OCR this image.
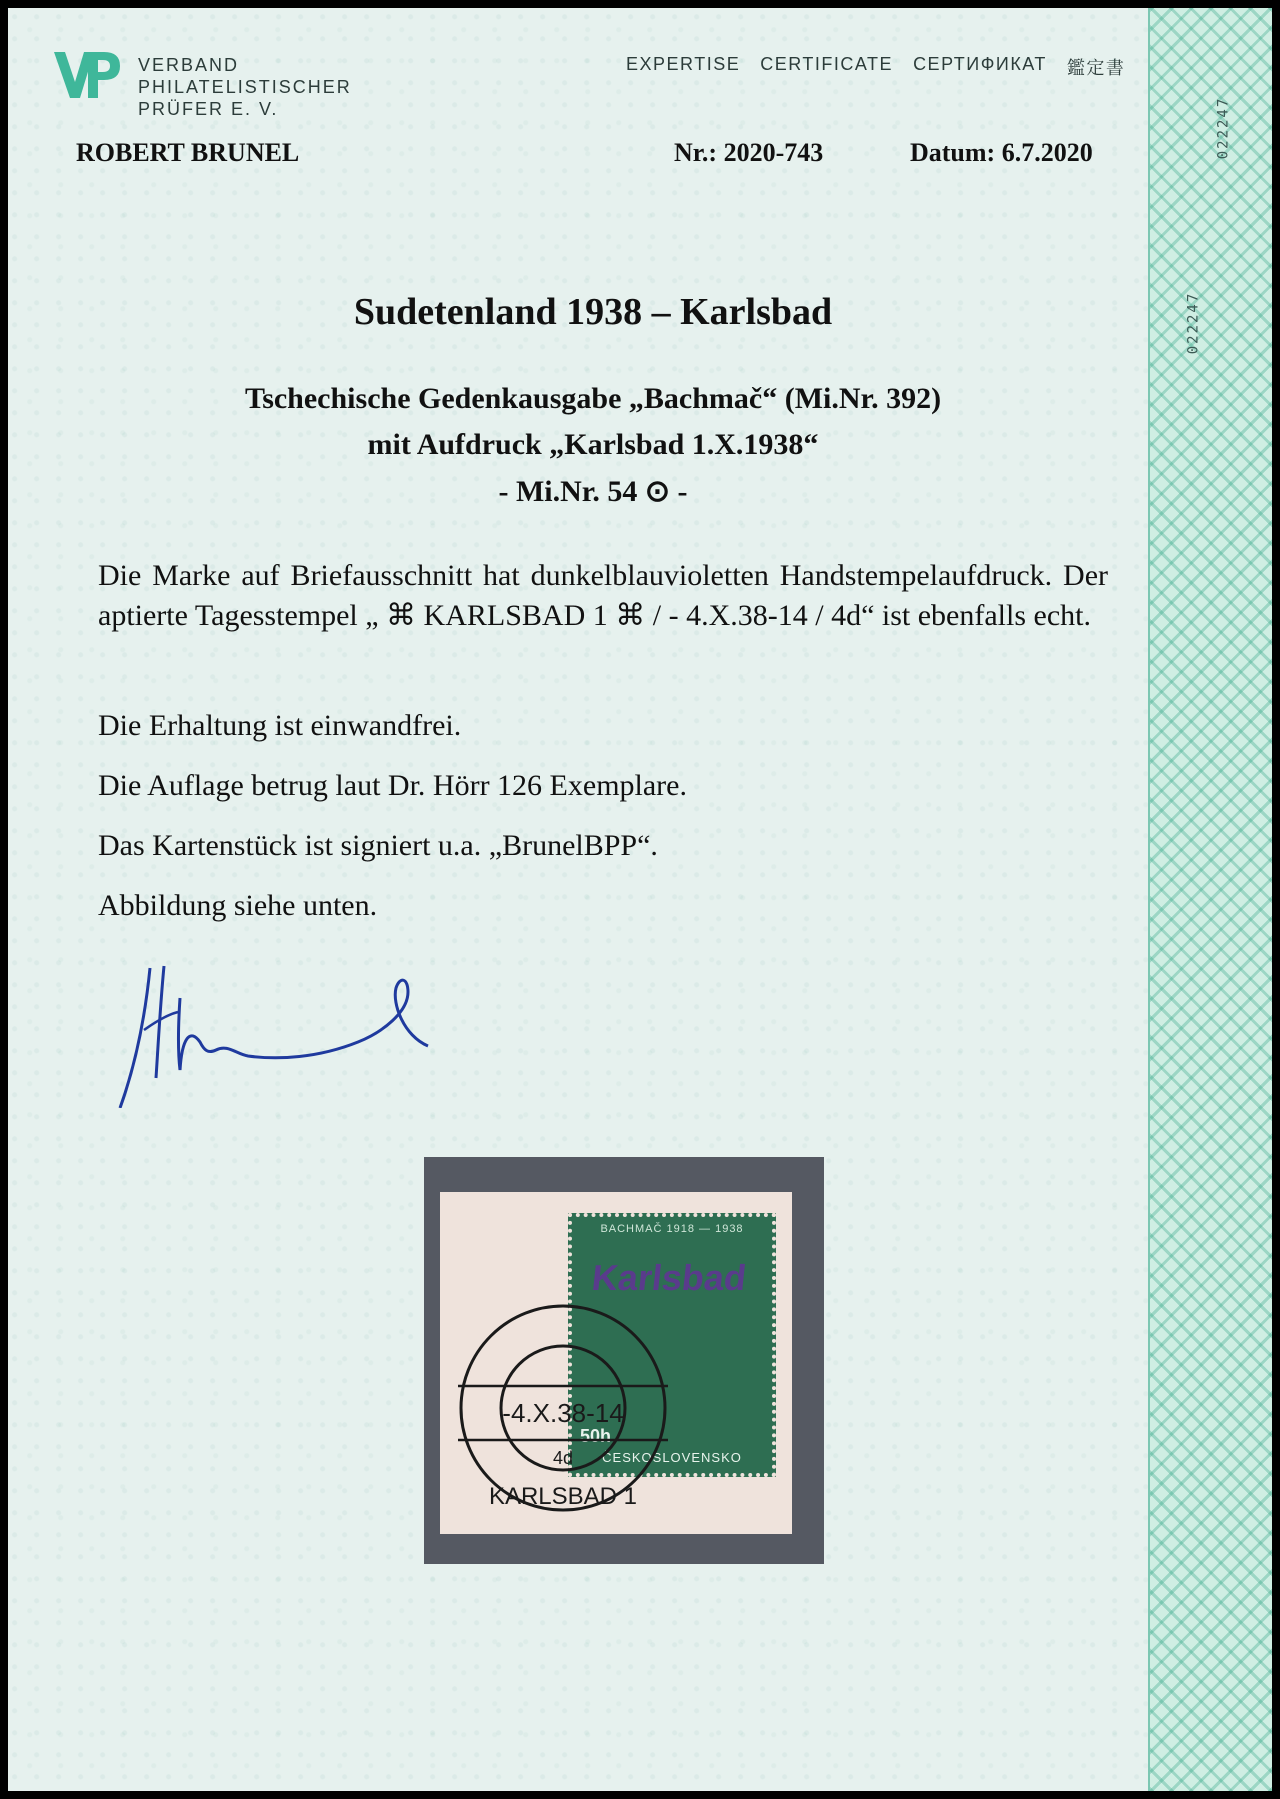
022247
022247
VERBAND
PHILATELISTISCHER
PRÜFER E. V.
EXPERTISE CERTIFICATE СЕРТИФИКАТ 鑑定書
ROBERT BRUNEL	Nr.: 2020-743	Datum: 6.7.2020
Sudetenland 1938 – Karlsbad
Tschechische Gedenkausgabe „Bachmač“ (Mi.Nr. 392)
mit Aufdruck „Karlsbad 1.X.1938“
- Mi.Nr. 54 ⊙ -
Die Marke auf Briefausschnitt hat dunkelblauvioletten Handstempelaufdruck. Der aptierte Tagesstempel „ ⌘ KARLSBAD 1 ⌘ / - 4.X.38-14 / 4d“ ist ebenfalls echt.
Die Erhaltung ist einwandfrei.
Die Auflage betrug laut Dr. Hörr 126 Exemplare.
Das Kartenstück ist signiert u.a. „BrunelBPP“.
Abbildung siehe unten.
BACHMAČ 1918 — 1938
Karlsbad
50h
ČESKOSLOVENSKO
-4.X.38-14
4d
KARLSBAD 1
